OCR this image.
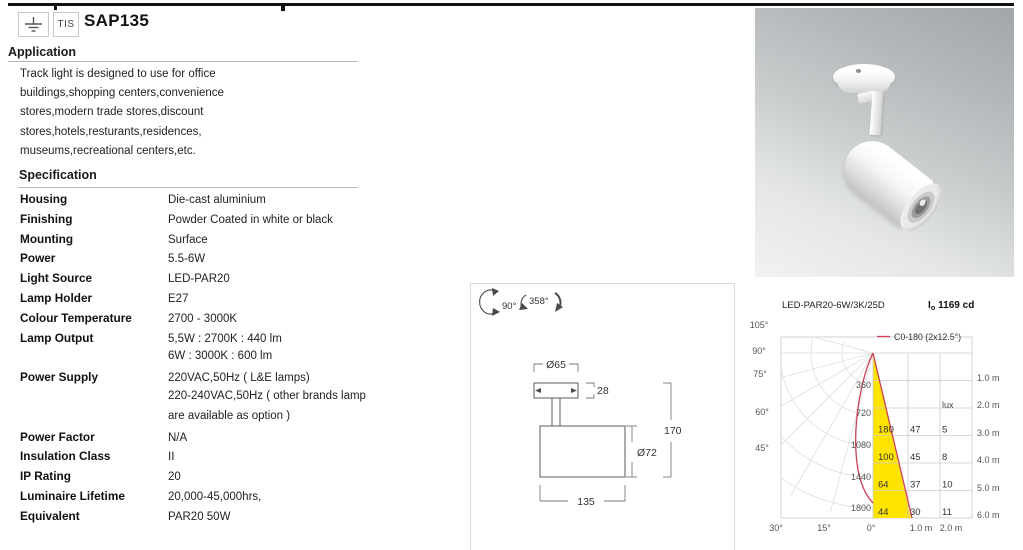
TIS SAP135
Application
Track light is designed to use for office
buildings,shopping centers,convenience
stores,modern trade stores,discount
stores,hotels,resturants,residences,
museums,recreational centers,etc.
Specification
Housing	Die-cast aluminium
Finishing	Powder Coated in white or black
Mounting	Surface
Power	5.5-6W
Light Source	LED-PAR20
Lamp Holder	E27
Colour Temperature	2700 - 3000K
Lamp Output	5,5W : 2700K : 440 lm
6W : 3000K : 600 lm
Power Supply	220VAC,50Hz ( L&E lamps)
220-240VAC,50Hz ( other brands lamp
are available as option )
Power Factor	N/A
Insulation Class	II
IP Rating	20
Luminaire Lifetime	20,000-45,000hrs,
Equivalent	PAR20 50W
90° 358°
Ø65
28
Ø72
170
135
LED-PAR20-6W/3K/25D	$I_o$ 1169 cd
C0-180 (2x12.5°)
360
720
1080
1440
1800
105°
90°
75°
60°
45°
30°	15°	0°	1.0 m 2.0 m
1.0 m
2.0 m
3.0 m
4.0 m
5.0 m
6.0 m
lux
180 47 5
100 45 8
64 37 10
44 30 11
